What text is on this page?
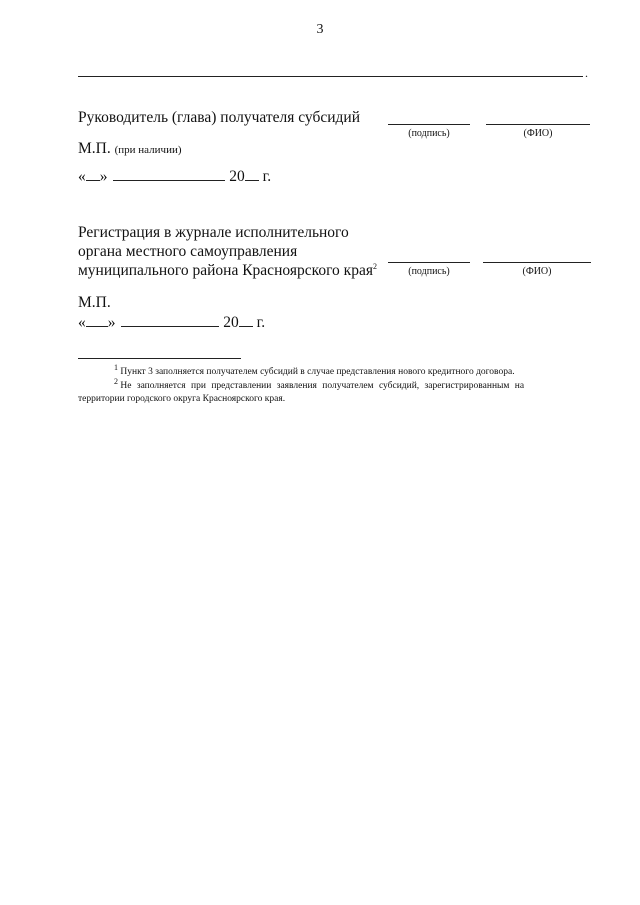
3
.
Руководитель (глава) получателя субсидий
(подпись)	(ФИО)
М.П. (при наличии)
« »	20 г.
Регистрация в журнале исполнительного
органа местного самоуправления
муниципального района Красноярского края$^2$	(подпись)	(ФИО)
М.П.
« »	20 г.
$^1$ Пункт 3 заполняется получателем субсидий в случае представления нового кредитного договора.
$^2$ Не заполняется при представлении заявления получателем субсидий, зарегистрированным на
территории городского округа Красноярского края.
